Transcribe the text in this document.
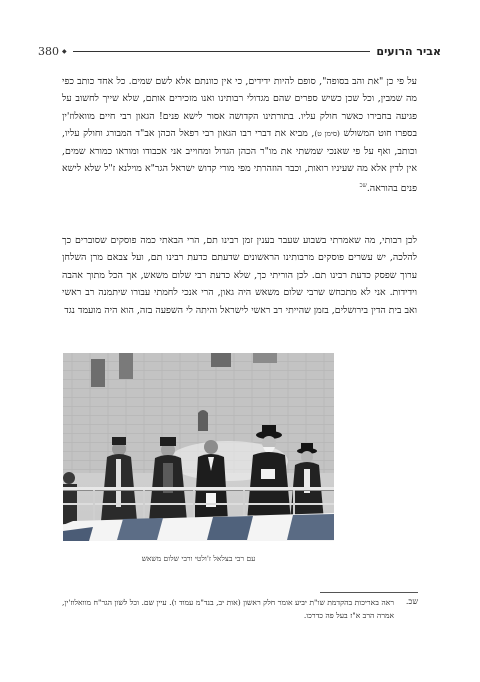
אביר הרועים
380 ◆
על פי כן "את והב בסופה", סופם להיות ידידים, כי אין כוונתם אלא לשם שמים. כל אחד כותב כפי מה שמבין, וכל שכן כשיש ספרים שהם מגדולי רבותינו ואנו מזכירים אותם, שלא שייך לחשוב על פגיעה בחבירו כאשר חולק עליו. בתורתינו הקדושה אסור לישא פנים! הגאון רבי חיים מוואלוז'ין בספרו חוט המשולש (סימן ט), מביא את דברי רבו הגאון רבי רפאל הכהן אב"ד המבורג וחולק עליו, וכותב, ואף על פי שאנכי שמשתי את מו"ר הכהן הגדול ומחוייב אני אכבודו ומוראו כמורא שמים, אין לדין אלא מה שעיניו רואות, וכבר הוזהרתי מפי מורי קדוש ישראל הגר"א מוילנא ז"ל שלא לישא פנים בהוראה.$^{שכ}$
לכן רבותי, מה שאמרתי בשבוע שעבר בענין זמן רבינו תם, הרי הבאתי כמה פוסקים שסוברים כך להלכה, יש עשרים פוסקים מרבותינו הראשונים שדעתם כדעת רבינו תם, ועל צבאם מרן השלחן ערוך שפסק כדעת רבינו תם. לכן הוריתי כך, שלא כדעת רבי שלום משאש, אך הכל מתוך אהבה וידידות. אני לא מתכחש שרבי שלום משאש היה גאון, הרי אנכי לחמתי עבורו שיתמנה רב ראשי ואב בית הדין בירושלים, בזמן שהייתי רב ראשי לישראל והיתה לי השפעה בזה, הוא היה מועמד נגד
עם רבי בצלאל ז'ולטי ורבי שלום משאש
שכ.
ראה באריכות בהקדמת שו"ת יביע אומר חלק ראשון (אות יב, בנד"מ עמוד ו). עיין שם. וכל לשון הגר"ח מוואלוז'ין, אמרה הרב א"ז בעל פה כדרכו.
